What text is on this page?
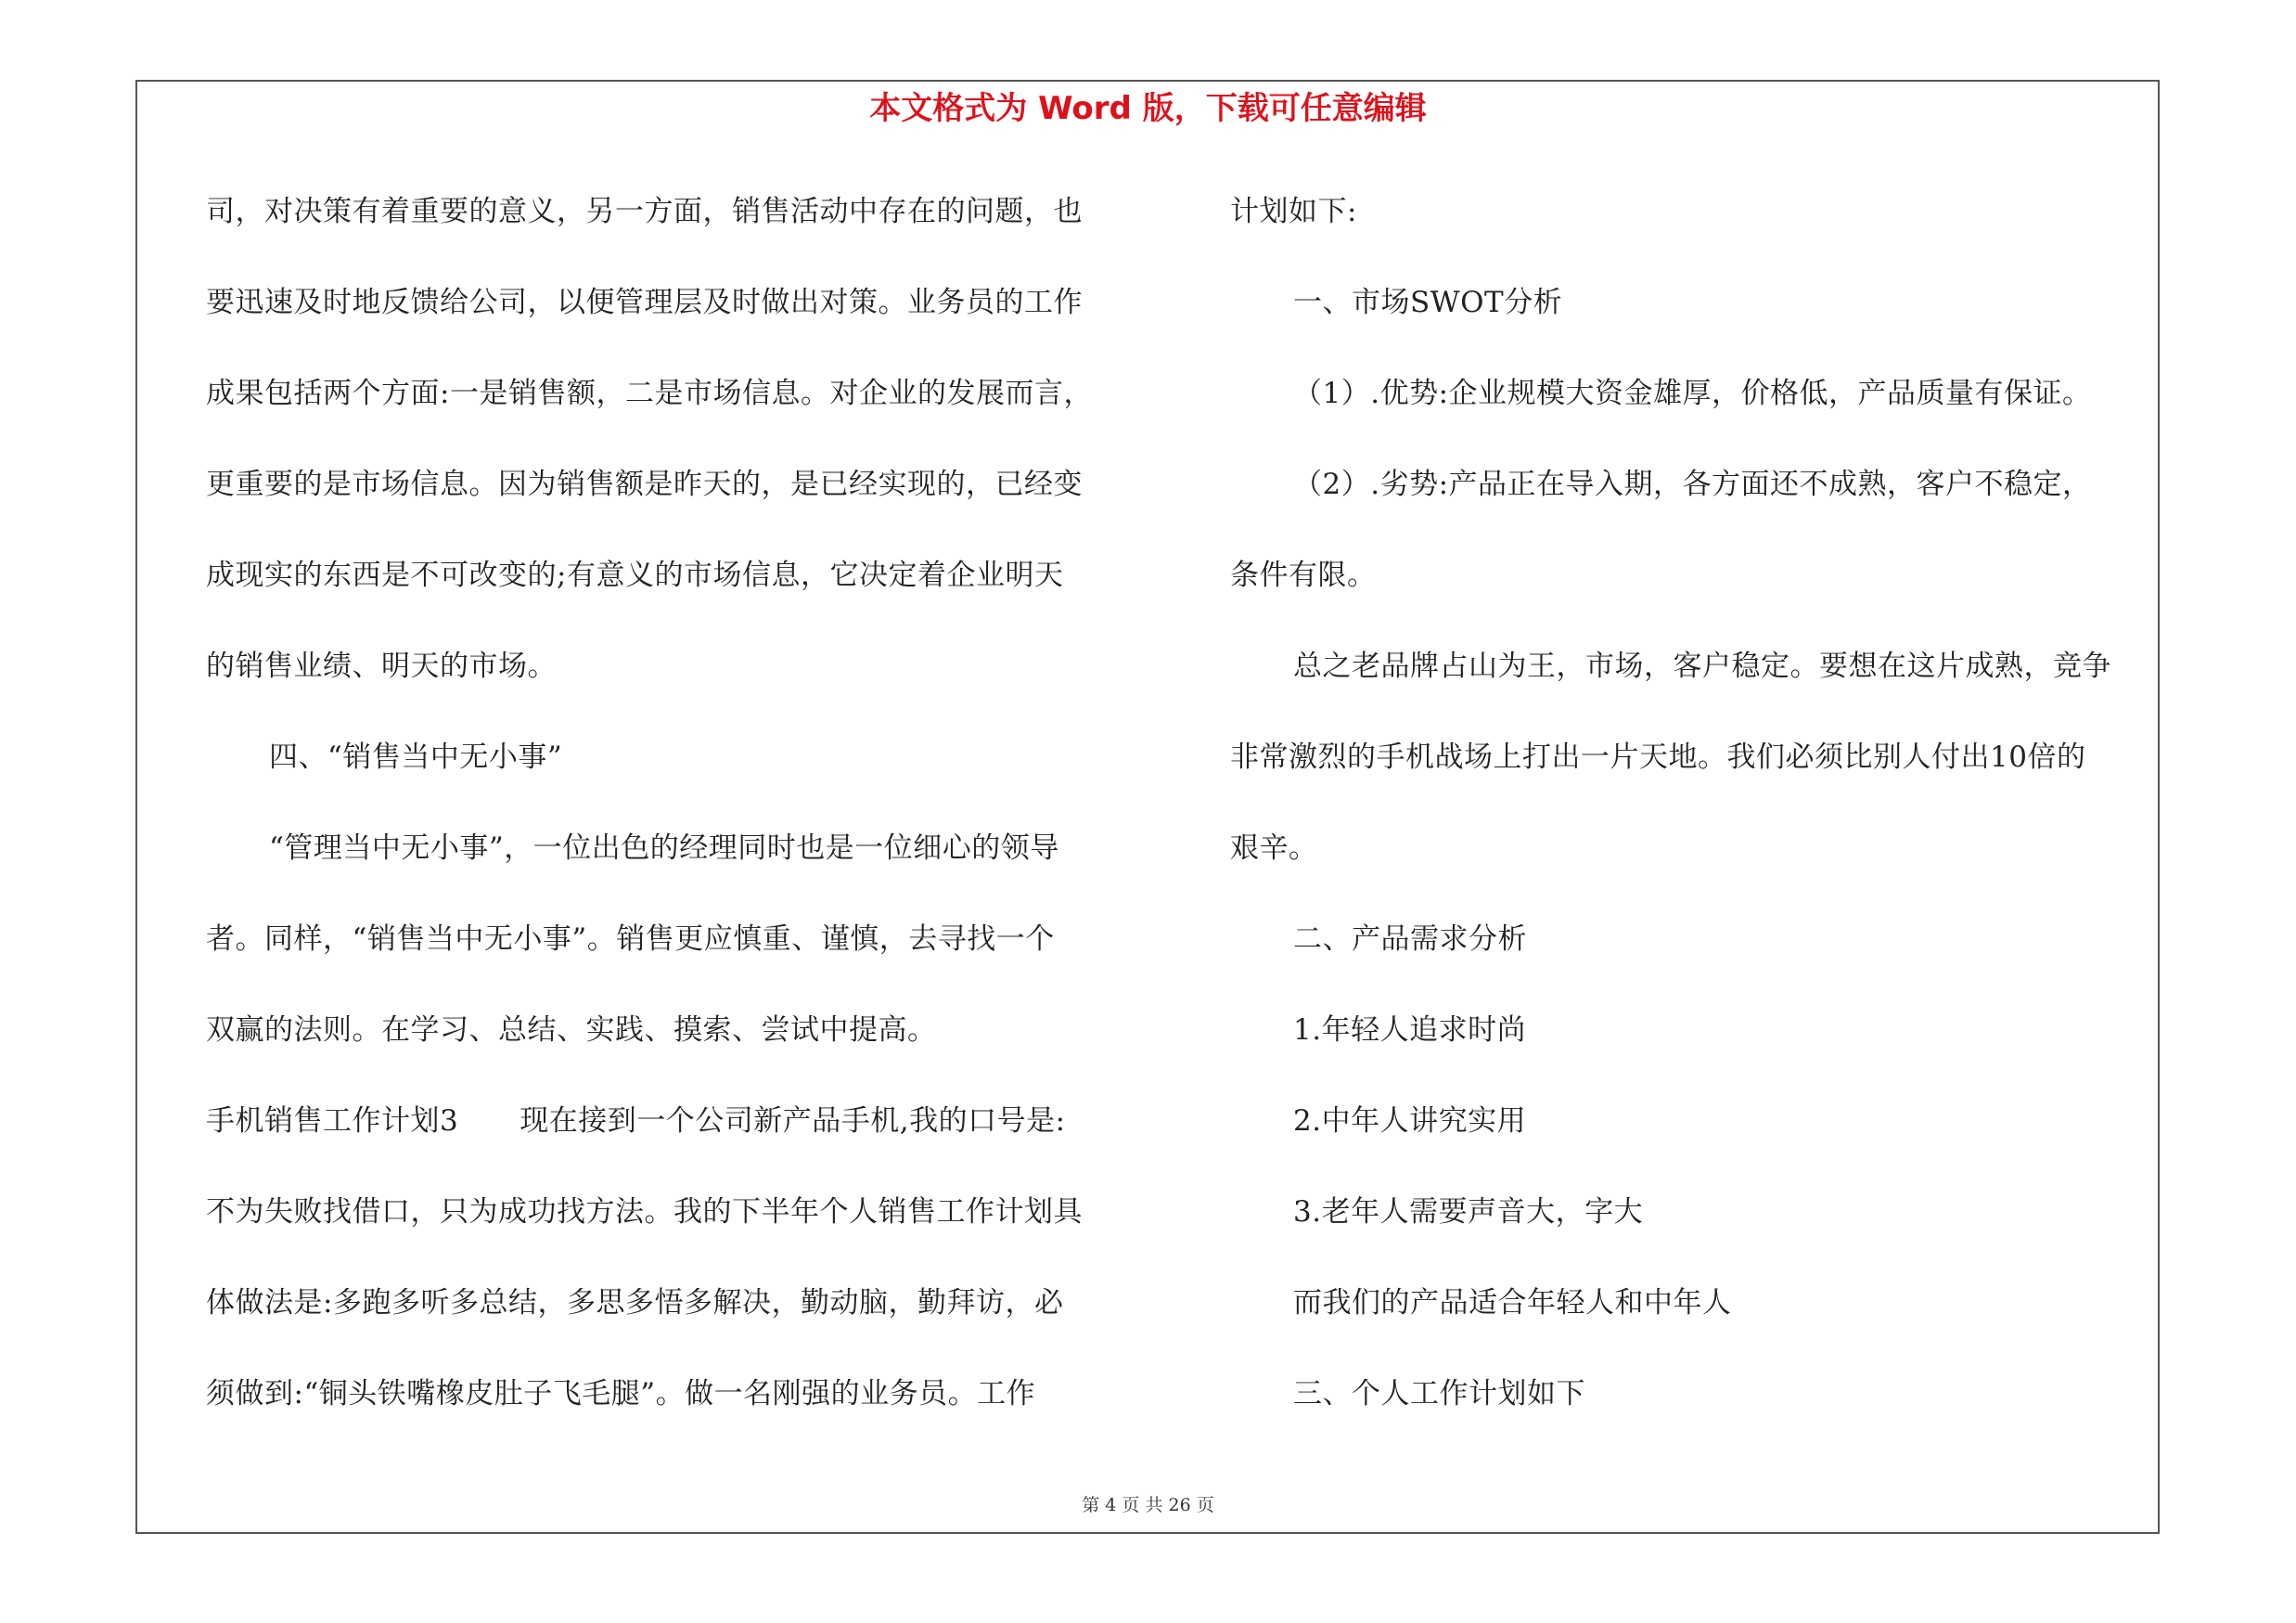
本文格式为 Word 版，下载可任意编辑
司，对决策有着重要的意义，另一方面，销售活动中存在的问题，也
要迅速及时地反馈给公司，以便管理层及时做出对策。业务员的工作
成果包括两个方面:一是销售额，二是市场信息。对企业的发展而言，
更重要的是市场信息。因为销售额是昨天的，是已经实现的，已经变
成现实的东西是不可改变的;有意义的市场信息，它决定着企业明天
的销售业绩、明天的市场。
四、“销售当中无小事”
“管理当中无小事”，一位出色的经理同时也是一位细心的领导
者。同样，“销售当中无小事”。销售更应慎重、谨慎，去寻找一个
双赢的法则。在学习、总结、实践、摸索、尝试中提高。
手机销售工作计划3 现在接到一个公司新产品手机,我的口号是:
不为失败找借口，只为成功找方法。我的下半年个人销售工作计划具
体做法是:多跑多听多总结，多思多悟多解决，勤动脑，勤拜访，必
须做到:“铜头铁嘴橡皮肚子飞毛腿”。做一名刚强的业务员。工作
计划如下:
一、市场SWOT分析
（1）.优势:企业规模大资金雄厚，价格低，产品质量有保证。
（2）.劣势:产品正在导入期，各方面还不成熟，客户不稳定，
条件有限。
总之老品牌占山为王，市场，客户稳定。要想在这片成熟，竞争
非常激烈的手机战场上打出一片天地。我们必须比别人付出10倍的
艰辛。
二、产品需求分析
1.年轻人追求时尚
2.中年人讲究实用
3.老年人需要声音大，字大
而我们的产品适合年轻人和中年人
三、个人工作计划如下
第 4 页 共 26 页
